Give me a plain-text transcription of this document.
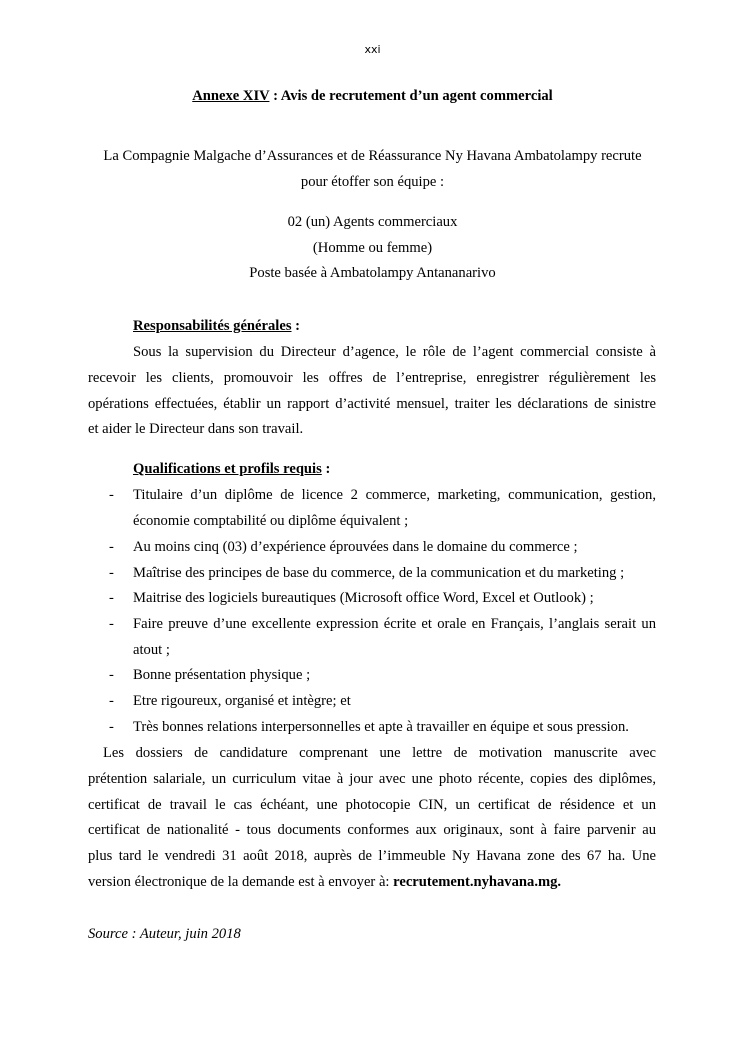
xxi
Annexe XIV : Avis de recrutement d’un agent commercial
La Compagnie Malgache d’Assurances et de Réassurance Ny Havana Ambatolampy recrute
pour étoffer son équipe :
02 (un) Agents commerciaux
(Homme ou femme)
Poste basée à Ambatolampy Antananarivo
Responsabilités générales :
Sous la supervision du Directeur d’agence, le rôle de l’agent commercial consiste à
recevoir les clients, promouvoir les offres de l’entreprise, enregistrer régulièrement les
opérations effectuées, établir un rapport d’activité mensuel, traiter les déclarations de sinistre
et aider le Directeur dans son travail.
Qualifications et profils requis :
- Titulaire d’un diplôme de licence 2 commerce, marketing, communication, gestion,
économie comptabilité ou diplôme équivalent ;
- Au moins cinq (03) d’expérience éprouvées dans le domaine du commerce ;
- Maîtrise des principes de base du commerce, de la communication et du marketing ;
- Maitrise des logiciels bureautiques (Microsoft office Word, Excel et Outlook) ;
- Faire preuve d’une excellente expression écrite et orale en Français, l’anglais serait un
atout ;
- Bonne présentation physique ;
- Etre rigoureux, organisé et intègre; et
- Très bonnes relations interpersonnelles et apte à travailler en équipe et sous pression.
Les dossiers de candidature comprenant une lettre de motivation manuscrite avec
prétention salariale, un curriculum vitae à jour avec une photo récente, copies des diplômes,
certificat de travail le cas échéant, une photocopie CIN, un certificat de résidence et un
certificat de nationalité - tous documents conformes aux originaux, sont à faire parvenir au
plus tard le vendredi 31 août 2018, auprès de l’immeuble Ny Havana zone des 67 ha. Une
version électronique de la demande est à envoyer à: recrutement.nyhavana.mg.
Source : Auteur, juin 2018
